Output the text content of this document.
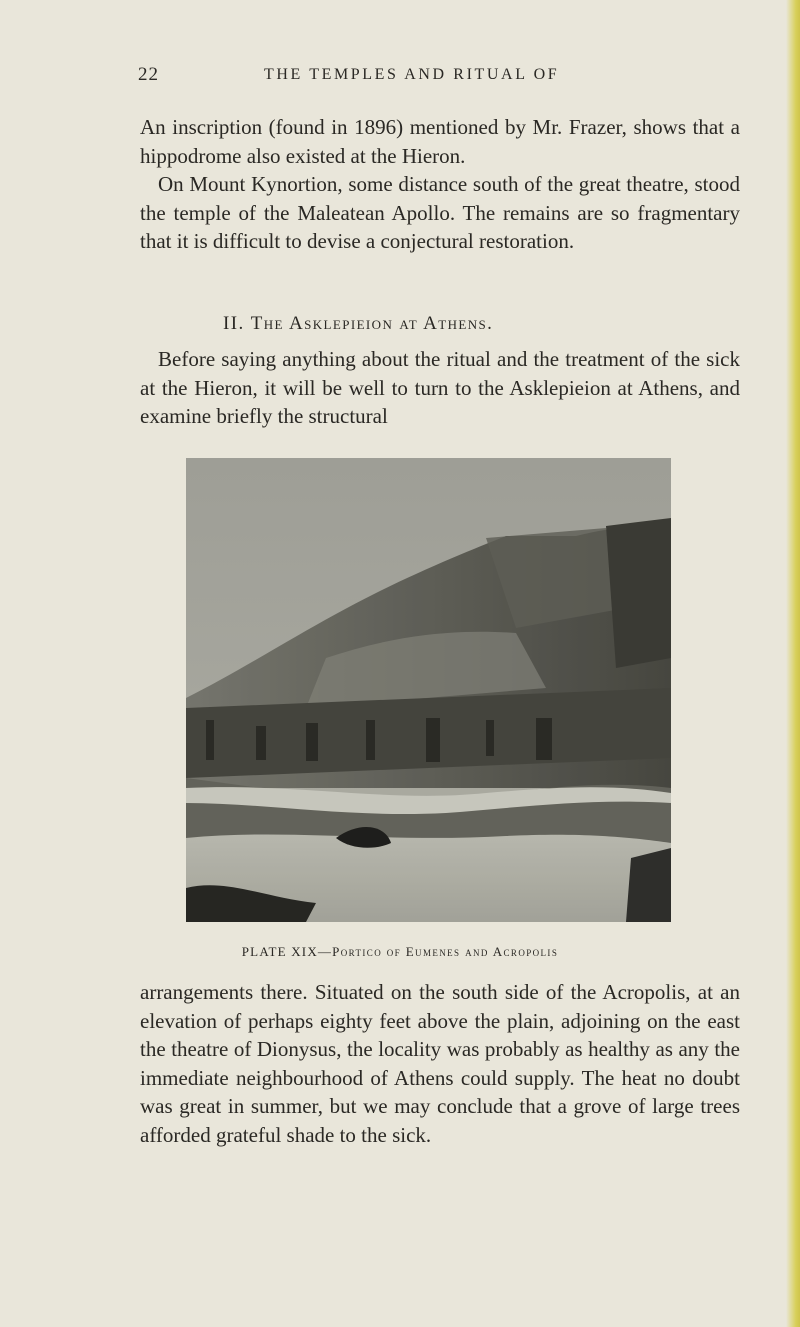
22	THE TEMPLES AND RITUAL OF

An inscription (found in 1896) mentioned by Mr. Frazer, shows that a hippodrome also existed at the Hieron.

On Mount Kynortion, some distance south of the great theatre, stood the temple of the Maleatean Apollo. The remains are so fragmentary that it is difficult to devise a conjectural restoration.

II. The Asklepieion at Athens.

Before saying anything about the ritual and the treatment of the sick at the Hieron, it will be well to turn to the Asklepieion at Athens, and examine briefly the structural

PLATE XIX—Portico of Eumenes and Acropolis

arrangements there. Situated on the south side of the Acropolis, at an elevation of perhaps eighty feet above the plain, adjoining on the east the theatre of Dionysus, the locality was probably as healthy as any the immediate neighbourhood of Athens could supply. The heat no doubt was great in summer, but we may conclude that a grove of large trees afforded grateful shade to the sick.
